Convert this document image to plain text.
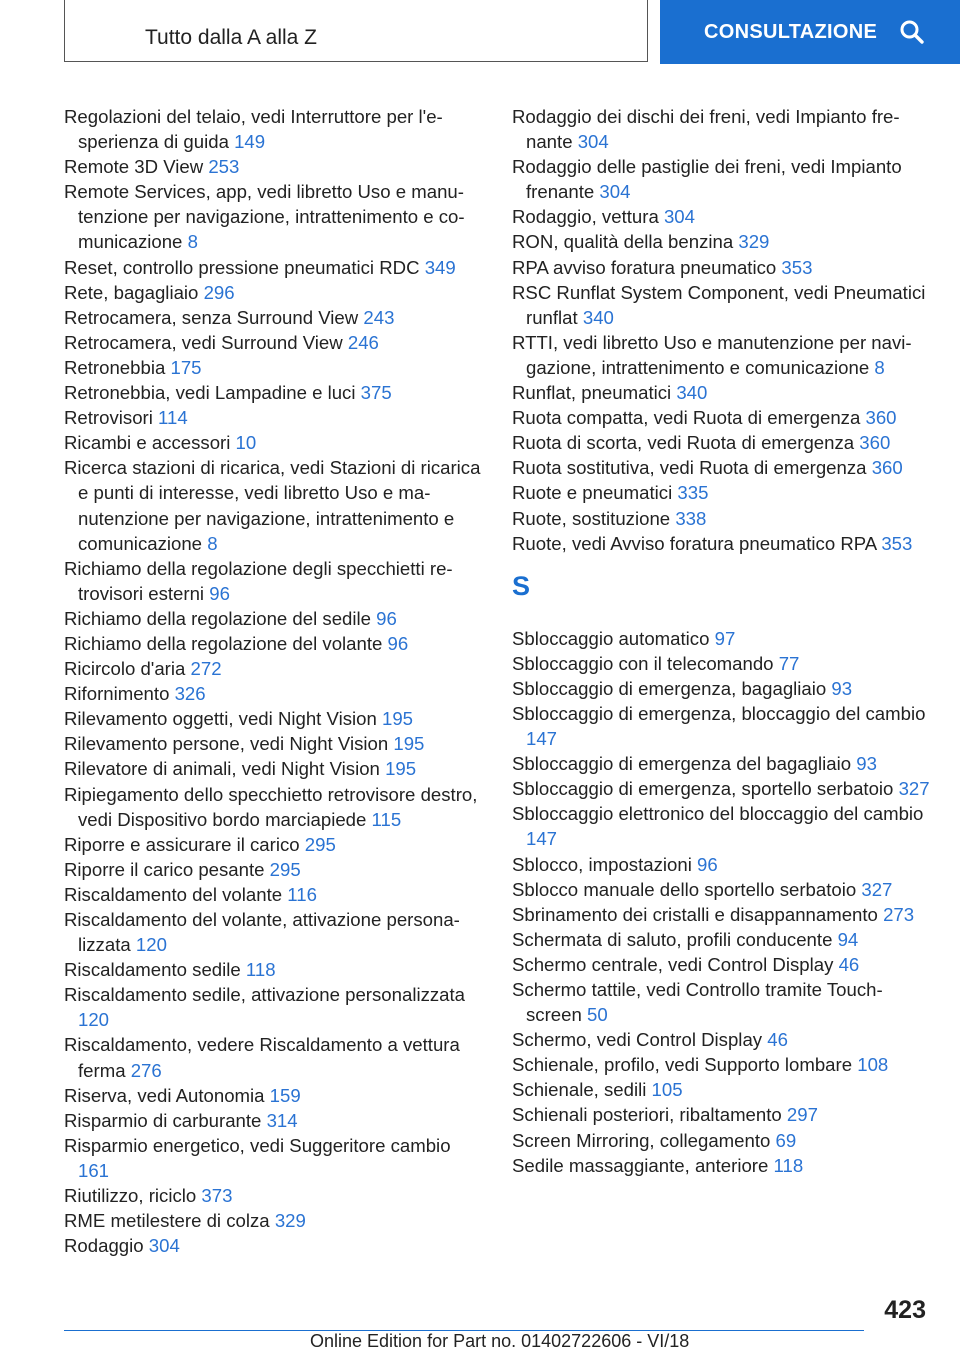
Tutto dalla A alla Z	CONSULTAZIONE
Regolazioni del telaio, vedi Interruttore per l'esperienza di guida 149
Remote 3D View 253
Remote Services, app, vedi libretto Uso e manutenzione per navigazione, intrattenimento e comunicazione 8
Reset, controllo pressione pneumatici RDC 349
Rete, bagagliaio 296
Retrocamera, senza Surround View 243
Retrocamera, vedi Surround View 246
Retronebbia 175
Retronebbia, vedi Lampadine e luci 375
Retrovisori 114
Ricambi e accessori 10
Ricerca stazioni di ricarica, vedi Stazioni di ricarica e punti di interesse, vedi libretto Uso e manutenzione per navigazione, intrattenimento e comunicazione 8
Richiamo della regolazione degli specchietti retrovisori esterni 96
Richiamo della regolazione del sedile 96
Richiamo della regolazione del volante 96
Ricircolo d'aria 272
Rifornimento 326
Rilevamento oggetti, vedi Night Vision 195
Rilevamento persone, vedi Night Vision 195
Rilevatore di animali, vedi Night Vision 195
Ripiegamento dello specchietto retrovisore destro, vedi Dispositivo bordo marciapiede 115
Riporre e assicurare il carico 295
Riporre il carico pesante 295
Riscaldamento del volante 116
Riscaldamento del volante, attivazione personalizzata 120
Riscaldamento sedile 118
Riscaldamento sedile, attivazione personalizzata 120
Riscaldamento, vedere Riscaldamento a vettura ferma 276
Riserva, vedi Autonomia 159
Risparmio di carburante 314
Risparmio energetico, vedi Suggeritore cambio 161
Riutilizzo, riciclo 373
RME metilestere di colza 329
Rodaggio 304
Rodaggio dei dischi dei freni, vedi Impianto frenante 304
Rodaggio delle pastiglie dei freni, vedi Impianto frenante 304
Rodaggio, vettura 304
RON, qualità della benzina 329
RPA avviso foratura pneumatico 353
RSC Runflat System Component, vedi Pneumatici runflat 340
RTTI, vedi libretto Uso e manutenzione per navigazione, intrattenimento e comunicazione 8
Runflat, pneumatici 340
Ruota compatta, vedi Ruota di emergenza 360
Ruota di scorta, vedi Ruota di emergenza 360
Ruota sostitutiva, vedi Ruota di emergenza 360
Ruote e pneumatici 335
Ruote, sostituzione 338
Ruote, vedi Avviso foratura pneumatico RPA 353
S
Sbloccaggio automatico 97
Sbloccaggio con il telecomando 77
Sbloccaggio di emergenza, bagagliaio 93
Sbloccaggio di emergenza, bloccaggio del cambio 147
Sbloccaggio di emergenza del bagagliaio 93
Sbloccaggio di emergenza, sportello serbatoio 327
Sbloccaggio elettronico del bloccaggio del cambio 147
Sblocco, impostazioni 96
Sblocco manuale dello sportello serbatoio 327
Sbrinamento dei cristalli e disappannamento 273
Schermata di saluto, profili conducente 94
Schermo centrale, vedi Control Display 46
Schermo tattile, vedi Controllo tramite Touchscreen 50
Schermo, vedi Control Display 46
Schienale, profilo, vedi Supporto lombare 108
Schienale, sedili 105
Schienali posteriori, ribaltamento 297
Screen Mirroring, collegamento 69
Sedile massaggiante, anteriore 118
423
Online Edition for Part no. 01402722606 - VI/18
